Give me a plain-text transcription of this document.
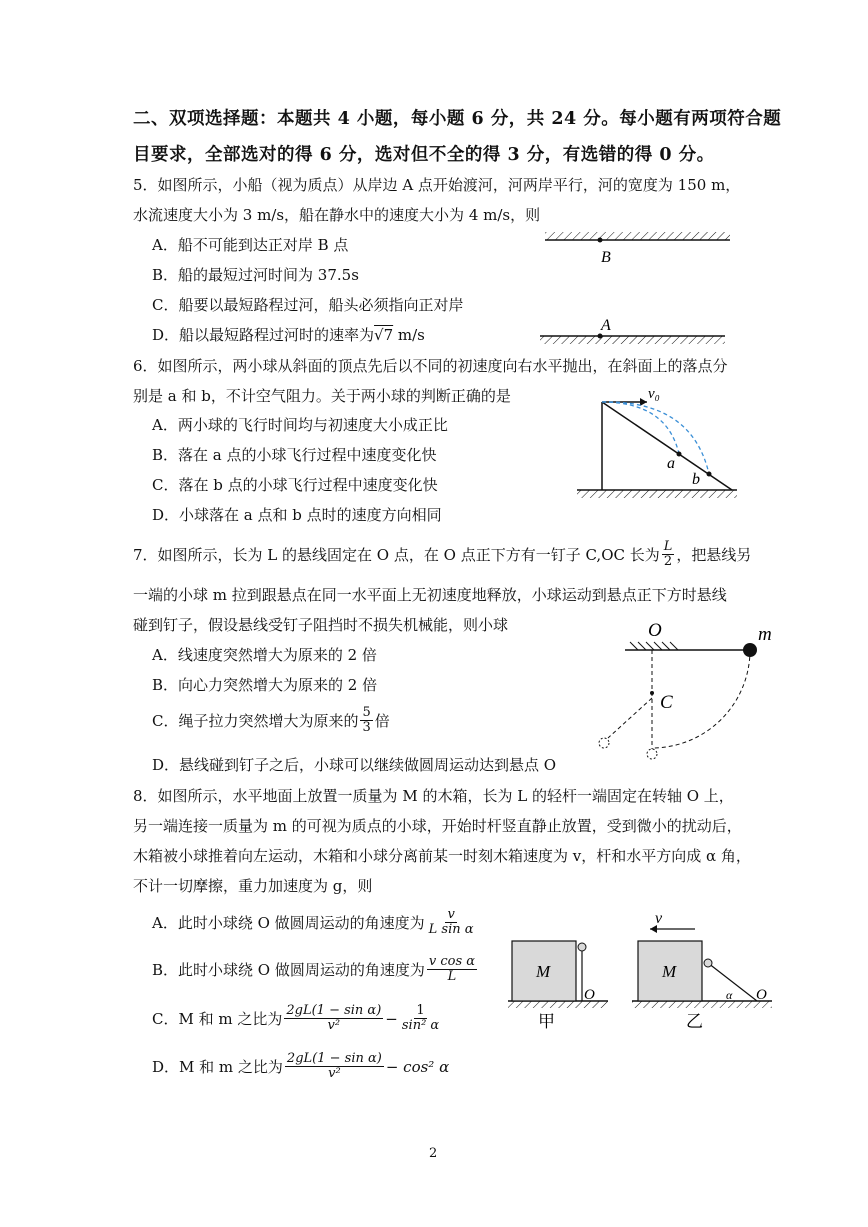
二、双项选择题：本题共 4 小题，每小题 6 分，共 24 分。每小题有两项符合题
目要求，全部选对的得 6 分，选对但不全的得 3 分，有选错的得 0 分。
5．如图所示，小船（视为质点）从岸边 A 点开始渡河，河两岸平行，河的宽度为 150 m，
水流速度大小为 3 m/s，船在静水中的速度大小为 4 m/s，则
A．船不可能到达正对岸 B 点
B．船的最短过河时间为 37.5s
C．船要以最短路程过河，船头必须指向正对岸
D．船以最短路程过河时的速率为√7 m/s
B
A
6．如图所示，两小球从斜面的顶点先后以不同的初速度向右水平抛出，在斜面上的落点分
别是 a 和 b，不计空气阻力。关于两小球的判断正确的是
A．两小球的飞行时间均与初速度大小成正比
B．落在 a 点的小球飞行过程中速度变化快
C．落在 b 点的小球飞行过程中速度变化快
D．小球落在 a 点和 b 点时的速度方向相同
v₀
a
b
7．如图所示，长为 L 的悬线固定在 O 点，在 O 点正下方有一钉子 C,OC 长为 $\frac{L}{2}$ ，把悬线另
一端的小球 m 拉到跟悬点在同一水平面上无初速度地释放，小球运动到悬点正下方时悬线
碰到钉子，假设悬线受钉子阻挡时不损失机械能，则小球
A．线速度突然增大为原来的 2 倍
B．向心力突然增大为原来的 2 倍
C．绳子拉力突然增大为原来的 $\frac{5}{3}$ 倍
D．悬线碰到钉子之后，小球可以继续做圆周运动达到悬点 O
O	m
C
8．如图所示，水平地面上放置一质量为 M 的木箱，长为 L 的轻杆一端固定在转轴 O 上，
另一端连接一质量为 m 的可视为质点的小球，开始时杆竖直静止放置，受到微小的扰动后，
木箱被小球推着向左运动，木箱和小球分离前某一时刻木箱速度为 v，杆和水平方向成 α 角，
不计一切摩擦，重力加速度为 g，则
A．此时小球绕 O 做圆周运动的角速度为 $\frac{v}{\text{L sin α}}$
B．此时小球绕 O 做圆周运动的角速度为 $\frac{\text{v cos α}}{L}$
C．M 和 m 之比为 $\frac{\text{2gL(1 − sin α)}}{\text{v²}} - \frac{1}{\text{sin² α}}$
D．M 和 m 之比为 $\frac{\text{2gL(1 − sin α)}}{\text{v²}} - \cos^2$ α
M
O
甲
M
α O
v
乙
2
